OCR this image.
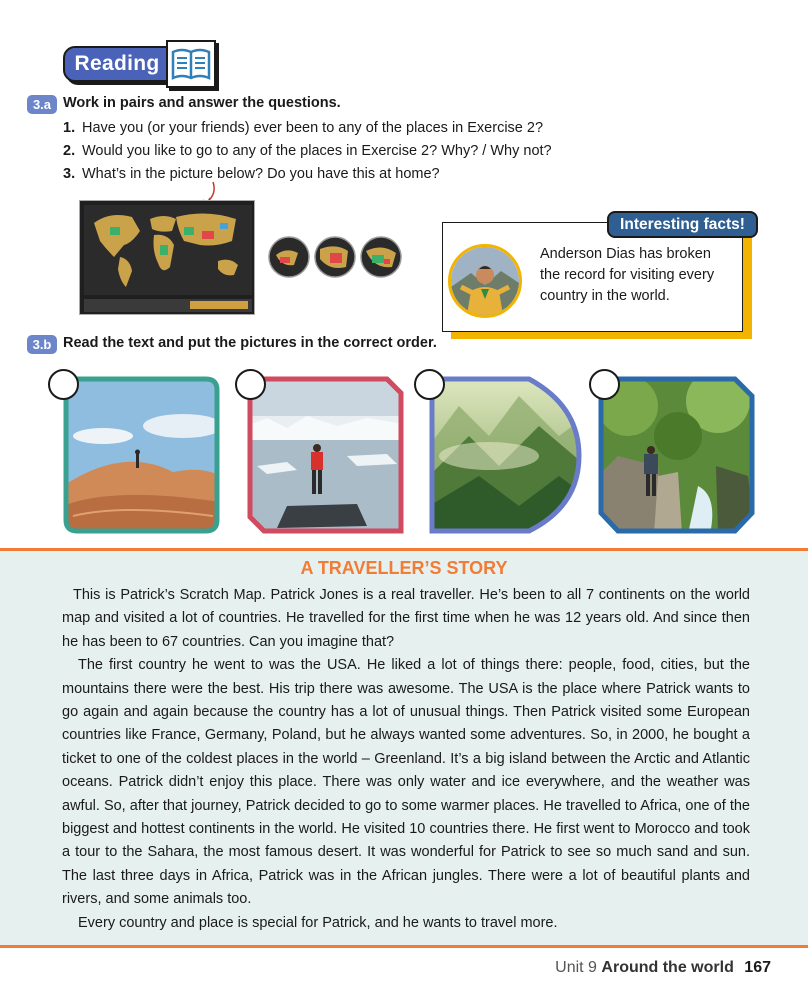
Reading
3.a Work in pairs and answer the questions.
1. Have you (or your friends) ever been to any of the places in Exercise 2?
2. Would you like to go to any of the places in Exercise 2? Why? / Why not?
3. What’s in the picture below? Do you have this at home?
Interesting facts!
Anderson Dias has broken the record for visiting every country in the world.
3.b Read the text and put the pictures in the correct order.
A TRAVELLER’S STORY

This is Patrick’s Scratch Map. Patrick Jones is a real traveller. He’s been to all 7 continents on the world map and visited a lot of countries. He travelled for the first time when he was 12 years old. And since then he has been to 67 countries. Can you imagine that?

The first country he went to was the USA. He liked a lot of things there: people, food, cities, but the mountains there were the best. His trip there was awesome. The USA is the place where Patrick wants to go again and again because the country has a lot of unusual things. Then Patrick visited some European countries like France, Germany, Poland, but he always wanted some adventures. So, in 2000, he bought a ticket to one of the coldest places in the world – Greenland. It’s a big island between the Arctic and Atlantic oceans. Patrick didn’t enjoy this place. There was only water and ice everywhere, and the weather was awful. So, after that journey, Patrick decided to go to some warmer places. He travelled to Africa, one of the biggest and hottest continents in the world. He visited 10 countries there. He first went to Morocco and took a tour to the Sahara, the most famous desert. It was wonderful for Patrick to see so much sand and sun. The last three days in Africa, Patrick was in the African jungles. There were a lot of beautiful plants and rivers, and some animals too.

Every country and place is special for Patrick, and he wants to travel more.

Unit 9 Around the world 167
